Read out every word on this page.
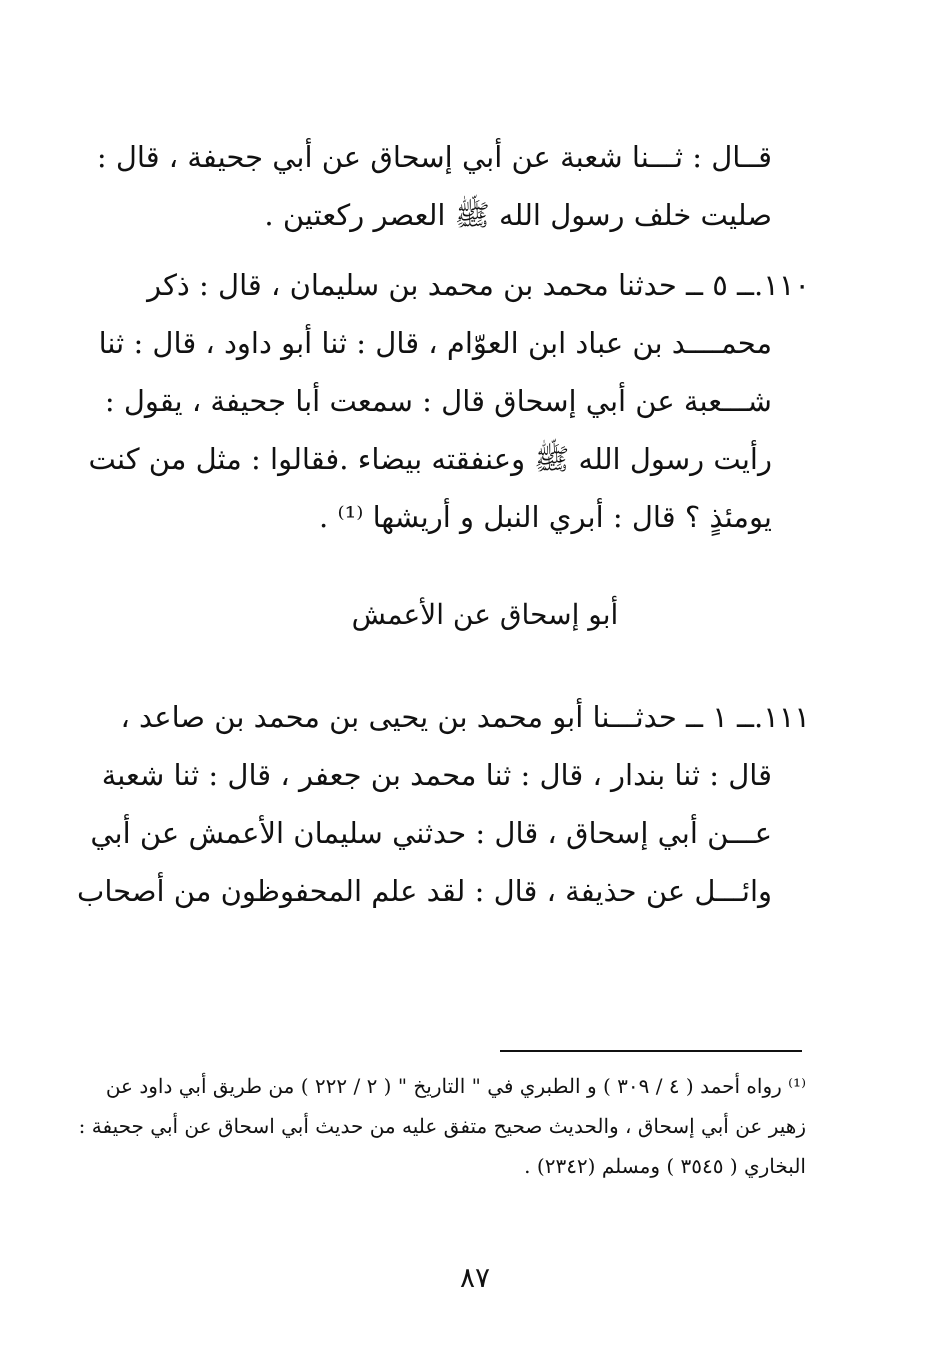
قــال : ثـــنا شعبة عن أبي إسحاق عن أبي جحيفة ، قال :
صليت خلف رسول الله ﷺ العصر ركعتين .
١١٠.ــ ٥ ــ حدثنا محمد بن محمد بن سليمان ، قال : ذكر
محمــــد بن عباد ابن العوّام ، قال : ثنا أبو داود ، قال : ثنا
شـــعبة عن أبي إسحاق قال : سمعت أبا جحيفة ، يقول :
رأيت رسول الله ﷺ وعنفقته بيضاء .فقالوا : مثل من كنت
يومئذٍ ؟ قال : أبري النبل و أريشها ⁽¹⁾ .
أبو إسحاق عن الأعمش
١١١.ــ ١ ــ حدثـــنا أبو محمد بن يحيى بن محمد بن صاعد ،
قال : ثنا بندار ، قال : ثنا محمد بن جعفر ، قال : ثنا شعبة
عـــن أبي إسحاق ، قال : حدثني سليمان الأعمش عن أبي
وائـــل عن حذيفة ، قال : لقد علم المحفوظون من أصحاب
⁽¹⁾ رواه أحمد ( ٤ / ٣٠٩ ) و الطبري في " التاريخ " ( ٢ / ٢٢٢ ) من طريق أبي داود عن
زهير عن أبي إسحاق ، والحديث صحيح متفق عليه من حديث أبي اسحاق عن أبي جحيفة :
البخاري ( ٣٥٤٥ ) ومسلم (٢٣٤٢) .
٨٧
